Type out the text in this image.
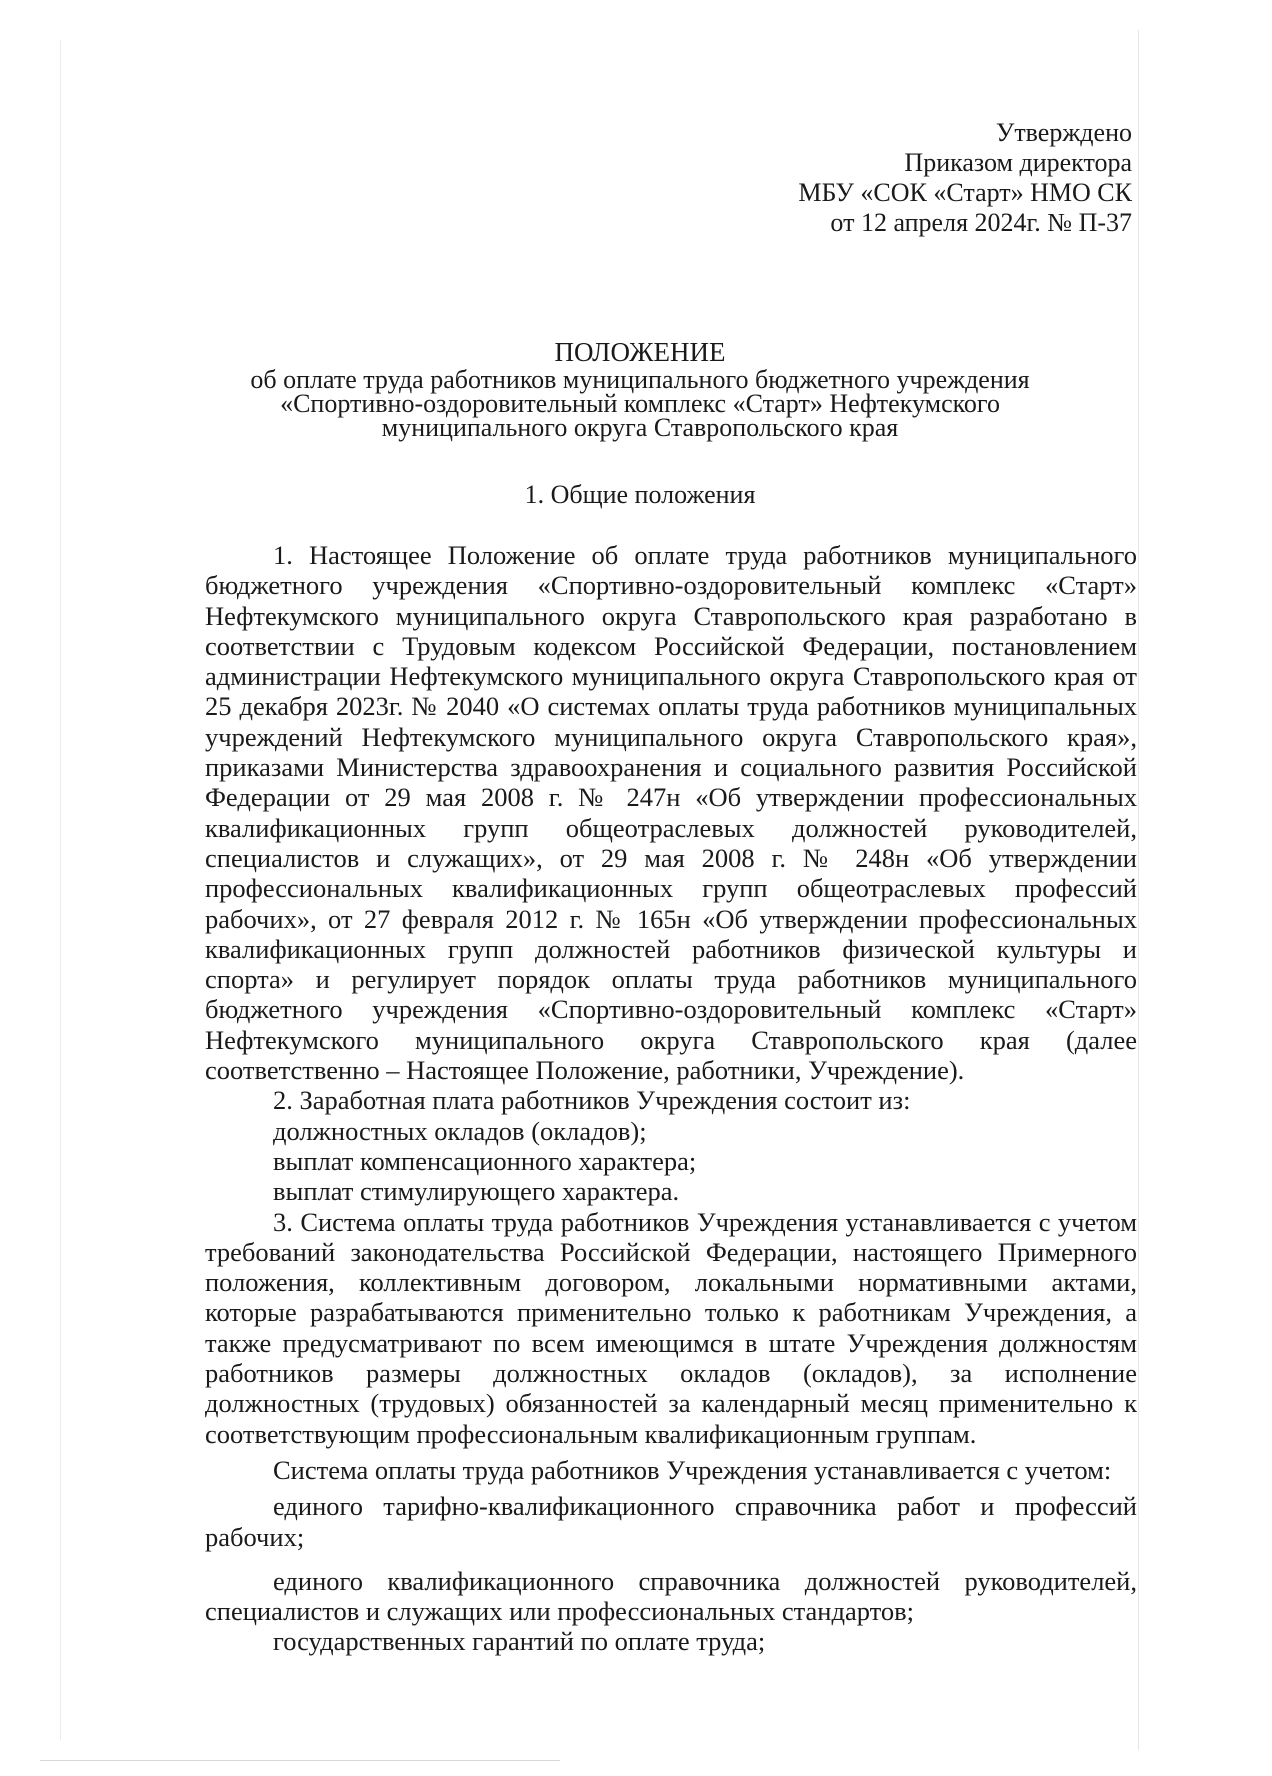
Утверждено
Приказом директора
МБУ «СОК «Старт» НМО СК
от 12 апреля 2024г. № П-37
ПОЛОЖЕНИЕ
об оплате труда работников муниципального бюджетного учреждения
«Спортивно-оздоровительный комплекс «Старт» Нефтекумского
муниципального округа Ставропольского края
1. Общие положения

1. Настоящее Положение об оплате труда работников муниципального бюджетного учреждения «Спортивно-оздоровительный комплекс «Старт» Нефтекумского муниципального округа Ставропольского края разработано в соответствии с Трудовым кодексом Российской Федерации, постановлением администрации Нефтекумского муниципального округа Ставропольского края от 25 декабря 2023г. № 2040 «О системах оплаты труда работников муниципальных учреждений Нефтекумского муниципального округа Ставропольского края», приказами Министерства здравоохранения и социального развития Российской Федерации от 29 мая 2008 г. № 247н «Об утверждении профессиональных квалификационных групп общеотраслевых должностей руководителей, специалистов и служащих», от 29 мая 2008 г. № 248н «Об утверждении профессиональных квалификационных групп общеотраслевых профессий рабочих», от 27 февраля 2012 г. № 165н «Об утверждении профессиональных квалификационных групп должностей работников физической культуры и спорта» и регулирует порядок оплаты труда работников муниципального бюджетного учреждения «Спортивно-оздоровительный комплекс «Старт» Нефтекумского муниципального округа Ставропольского края (далее соответственно – Настоящее Положение, работники, Учреждение).

2. Заработная плата работников Учреждения состоит из:

должностных окладов (окладов);

выплат компенсационного характера;

выплат стимулирующего характера.

3. Система оплаты труда работников Учреждения устанавливается с учетом требований законодательства Российской Федерации, настоящего Примерного положения, коллективным договором, локальными нормативными актами, которые разрабатываются применительно только к работникам Учреждения, а также предусматривают по всем имеющимся в штате Учреждения должностям работников размеры должностных окладов (окладов), за исполнение должностных (трудовых) обязанностей за календарный месяц применительно к соответствующим профессиональным квалификационным группам.

Система оплаты труда работников Учреждения устанавливается с учетом:

единого тарифно-квалификационного справочника работ и профессий рабочих;

единого квалификационного справочника должностей руководителей, специалистов и служащих или профессиональных стандартов;

государственных гарантий по оплате труда;
